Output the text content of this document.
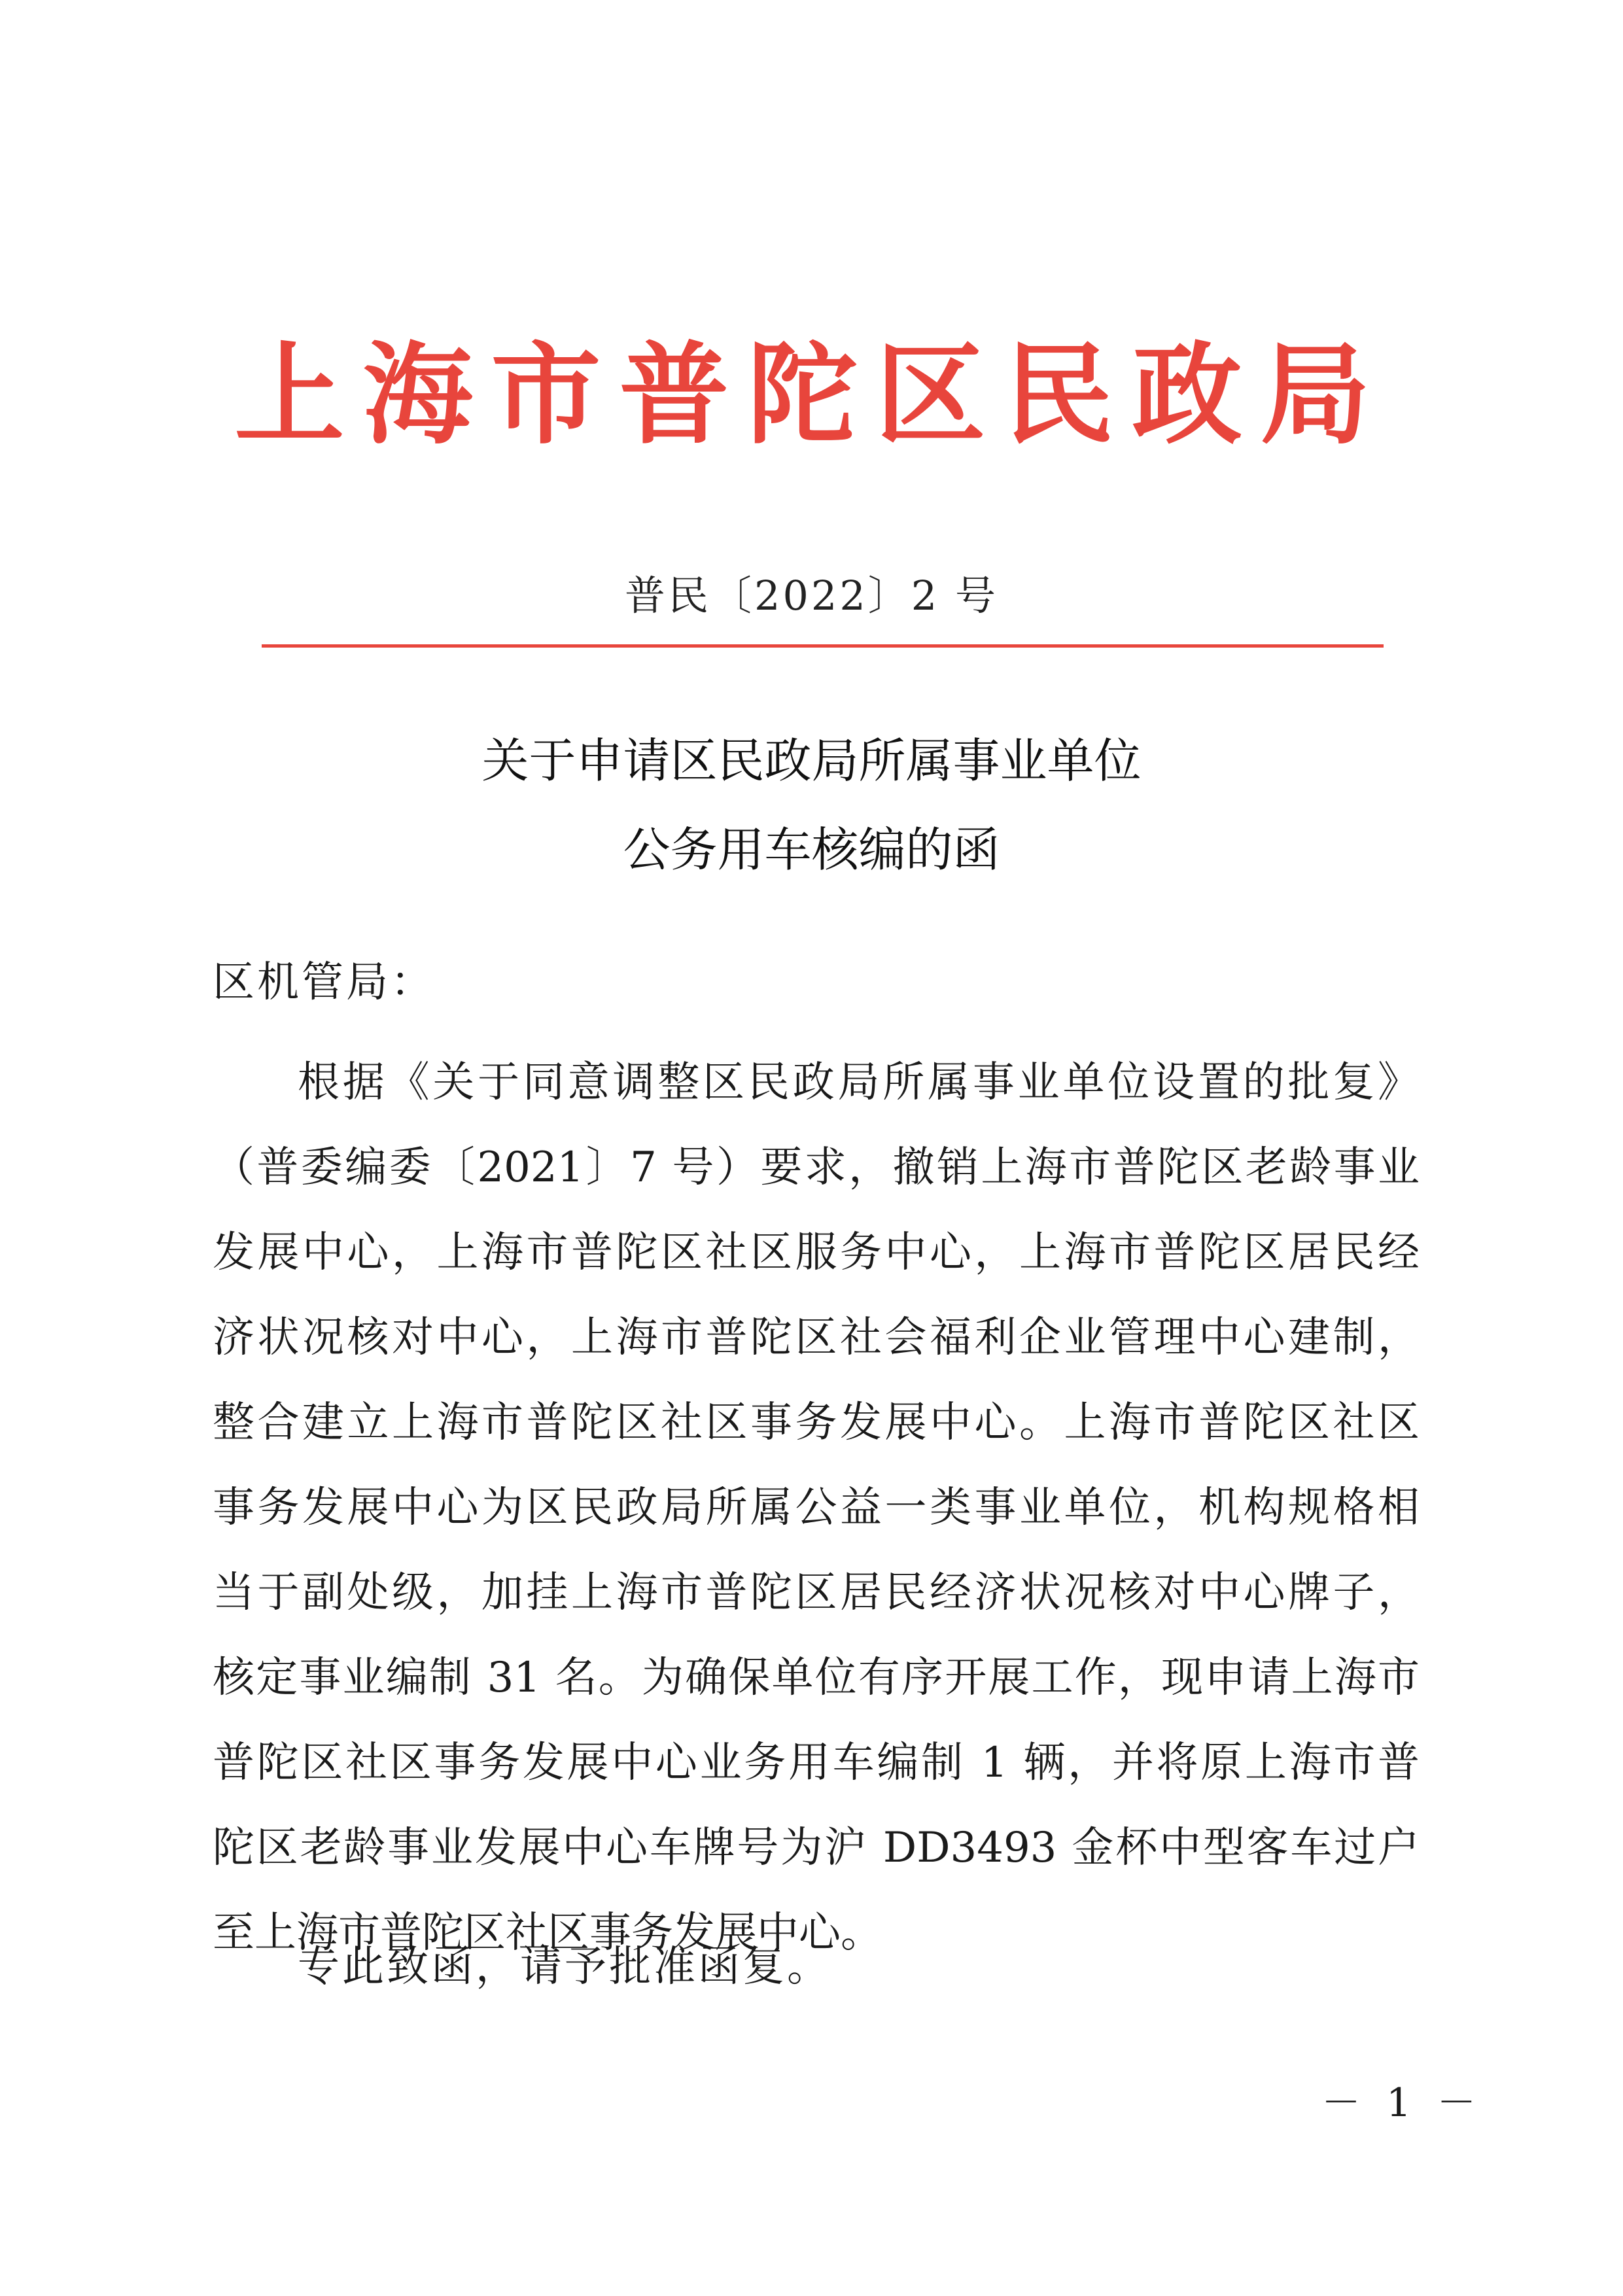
上海市普陀区民政局
普民〔2022〕2 号
关于申请区民政局所属事业单位
公务用车核编的函
区机管局：
根据《关于同意调整区民政局所属事业单位设置的批复》
（普委编委〔2021〕7 号）要求，撤销上海市普陀区老龄事业
发展中心，上海市普陀区社区服务中心，上海市普陀区居民经
济状况核对中心，上海市普陀区社会福利企业管理中心建制，
整合建立上海市普陀区社区事务发展中心。上海市普陀区社区
事务发展中心为区民政局所属公益一类事业单位，机构规格相
当于副处级，加挂上海市普陀区居民经济状况核对中心牌子，
核定事业编制 31 名。为确保单位有序开展工作，现申请上海市
普陀区社区事务发展中心业务用车编制 1 辆，并将原上海市普
陀区老龄事业发展中心车牌号为沪 DD3493 金杯中型客车过户
至上海市普陀区社区事务发展中心。
专此致函，请予批准函复。
－ 1 －
